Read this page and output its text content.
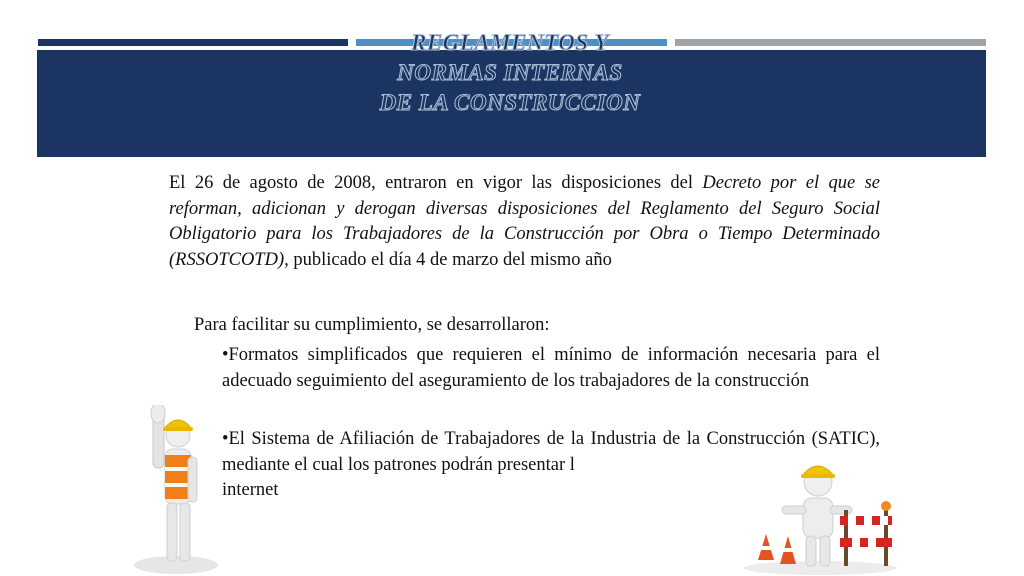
REGLAMENTOS Y
NORMAS INTERNAS
DE LA CONSTRUCCION

El 26 de agosto de 2008, entraron en vigor las disposiciones del Decreto por el que se reforman, adicionan y derogan diversas disposiciones del Reglamento del Seguro Social Obligatorio para los Trabajadores de la Construcción por Obra o Tiempo Determinado (RSSOTCOTD), publicado el día 4 de marzo del mismo año

Para facilitar su cumplimiento, se desarrollaron:

•Formatos simplificados que requieren el mínimo de información necesaria para el adecuado seguimiento del aseguramiento de los trabajadores de la construcción

•El Sistema de Afiliación de Trabajadores de la Industria de la Construcción (SATIC), mediante el cual los patrones podrán presentar l
internet
